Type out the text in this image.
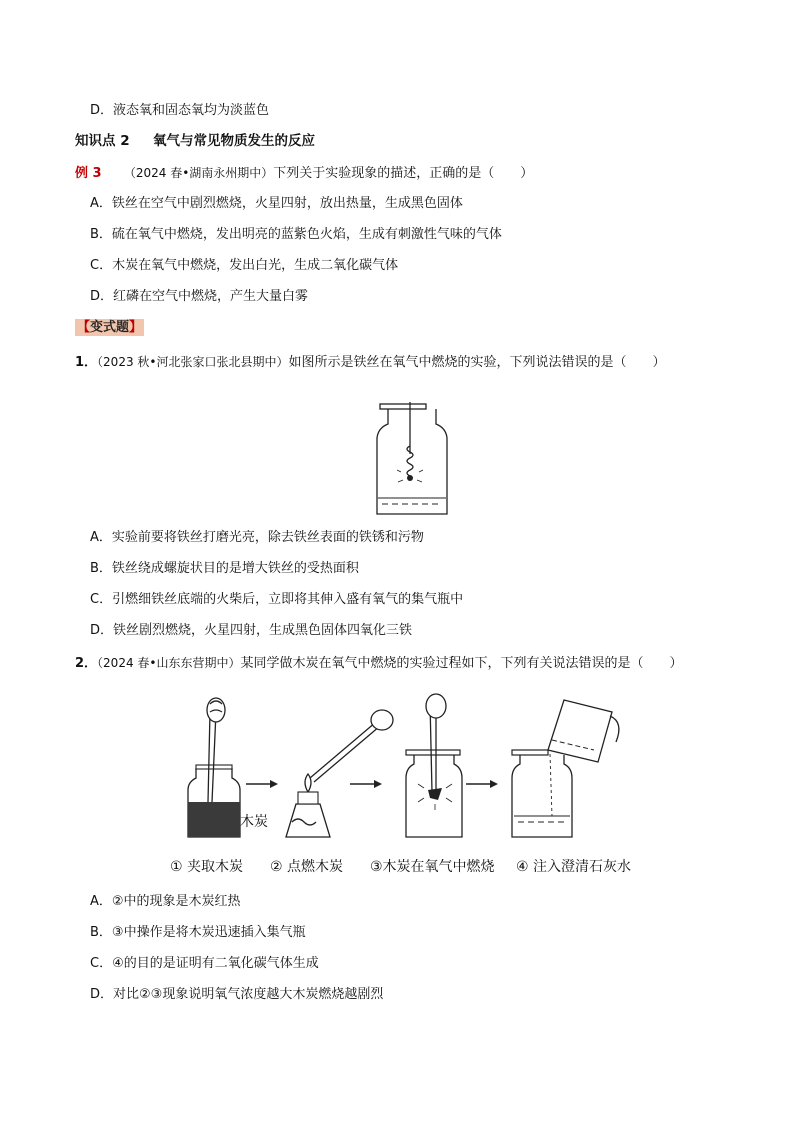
D．液态氧和固态氧均为淡蓝色
知识点 2 氧气与常见物质发生的反应
例 3 （2024 春•湖南永州期中）下列关于实验现象的描述，正确的是（　　）
A．铁丝在空气中剧烈燃烧，火星四射，放出热量，生成黑色固体
B．硫在氧气中燃烧，发出明亮的蓝紫色火焰，生成有刺激性气味的气体
C．木炭在氧气中燃烧，发出白光，生成二氧化碳气体
D．红磷在空气中燃烧，产生大量白雾
【变式题】
1．（2023 秋•河北张家口张北县期中）如图所示是铁丝在氧气中燃烧的实验，下列说法错误的是（　　）
A．实验前要将铁丝打磨光亮，除去铁丝表面的铁锈和污物
B．铁丝绕成螺旋状目的是增大铁丝的受热面积
C．引燃细铁丝底端的火柴后，立即将其伸入盛有氧气的集气瓶中
D．铁丝剧烈燃烧，火星四射，生成黑色固体四氧化三铁
2．（2024 春•山东东营期中）某同学做木炭在氧气中燃烧的实验过程如下，下列有关说法错误的是（　　）
木炭
① 夹取木炭 ② 点燃木炭 ③木炭在氧气中燃烧 ④ 注入澄清石灰水
A．②中的现象是木炭红热
B．③中操作是将木炭迅速插入集气瓶
C．④的目的是证明有二氧化碳气体生成
D．对比②③现象说明氧气浓度越大木炭燃烧越剧烈
